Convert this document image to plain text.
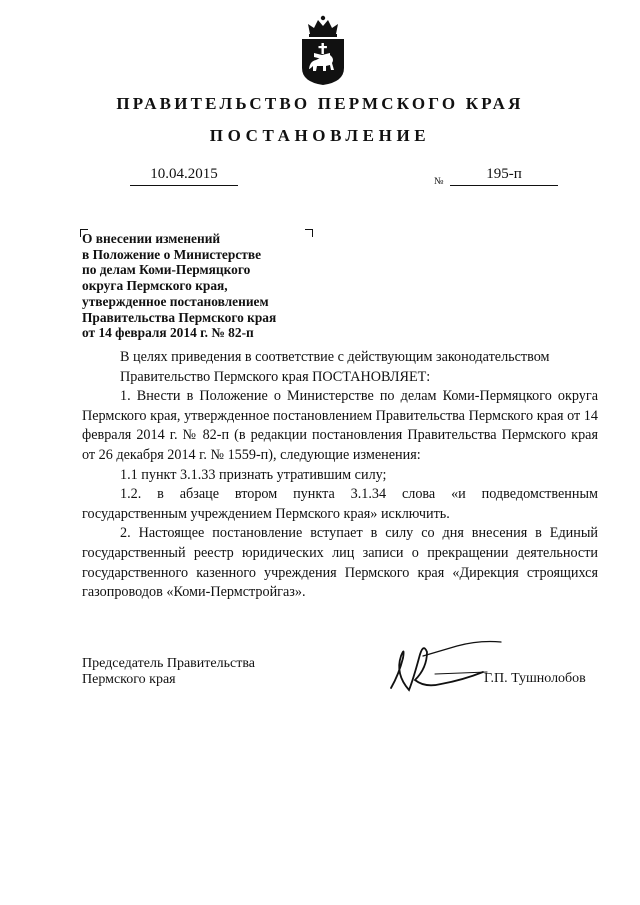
ПРАВИТЕЛЬСТВО ПЕРМСКОГО КРАЯ
ПОСТАНОВЛЕНИЕ
10.04.2015	№	195-п

О внесении изменений
в Положение о Министерстве
по делам Коми-Пермяцкого
округа Пермского края,
утвержденное постановлением
Правительства Пермского края
от 14 февраля 2014 г. № 82-п

В целях приведения в соответствие с действующим законодательством

Правительство Пермского края ПОСТАНОВЛЯЕТ:

1. Внести в Положение о Министерстве по делам Коми-Пермяцкого округа Пермского края, утвержденное постановлением Правительства Пермского края от 14 февраля 2014 г. № 82-п (в редакции постановления Правительства Пермского края от 26 декабря 2014 г. № 1559-п), следующие изменения:

1.1 пункт 3.1.33 признать утратившим силу;

1.2. в абзаце втором пункта 3.1.34 слова «и подведомственным государственным учреждением Пермского края» исключить.

2. Настоящее постановление вступает в силу со дня внесения в Единый государственный реестр юридических лиц записи о прекращении деятельности государственного казенного учреждения Пермского края «Дирекция строящихся газопроводов «Коми-Пермстройгаз».

Председатель Правительства
Пермского края	Г.П. Тушнолобов
